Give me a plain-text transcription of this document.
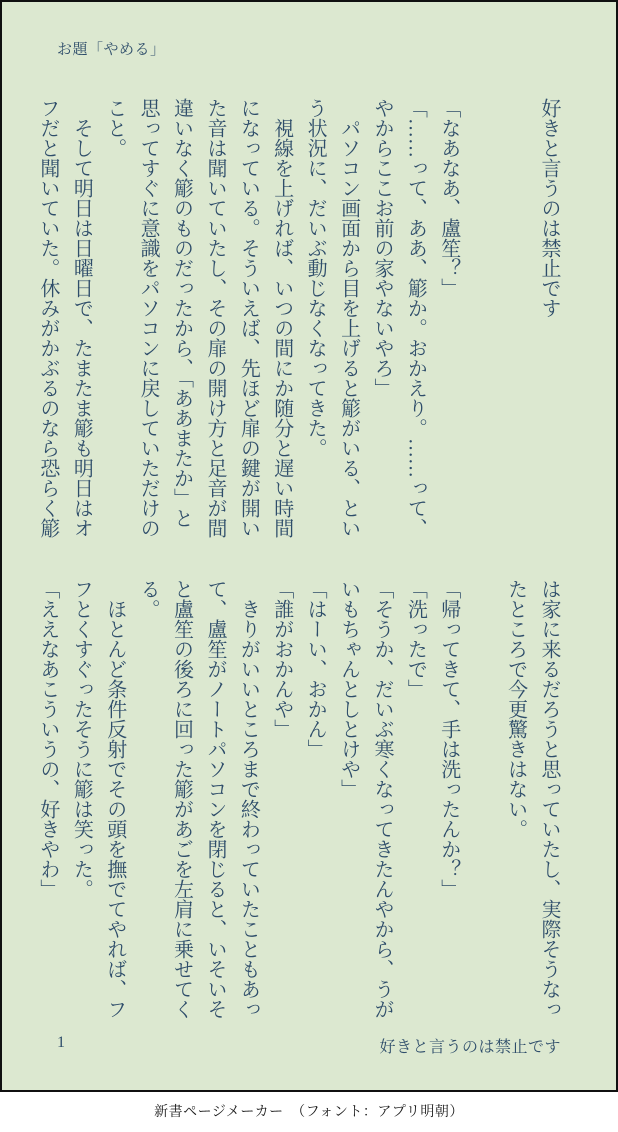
お題「やめる」
好きと言うのは禁止です

「なあなあ、盧笙？」
「……って、ああ、簓か。おかえり。……って、
やからここお前の家やないやろ」
　パソコン画面から目を上げると簓がいる、とい
う状況に、だいぶ動じなくなってきた。
　視線を上げれば、いつの間にか随分と遅い時間
になっている。そういえば、先ほど扉の鍵が開い
た音は聞いていたし、その扉の開け方と足音が間
違いなく簓のものだったから、「ああまたか」と
思ってすぐに意識をパソコンに戻していただけの
こと。
　そして明日は日曜日で、たまたま簓も明日はオ
フだと聞いていた。休みがかぶるのなら恐らく簓
は家に来るだろうと思っていたし、実際そうなっ
たところで今更驚きはない。

「帰ってきて、手は洗ったんか？」
「洗ったで」
「そうか、だいぶ寒くなってきたんやから、うが
いもちゃんとしとけや」
「はーい、おかん」
「誰がおかんや」
　きりがいいところまで終わっていたこともあっ
て、盧笙がノートパソコンを閉じると、いそいそ
と盧笙の後ろに回った簓があごを左肩に乗せてく
る。
　ほとんど条件反射でその頭を撫でてやれば、フ
フとくすぐったそうに簓は笑った。
「ええなあこういうの、好きやわ」
1	好きと言うのは禁止です
新書ページメーカー　（フォント：アプリ明朝）
